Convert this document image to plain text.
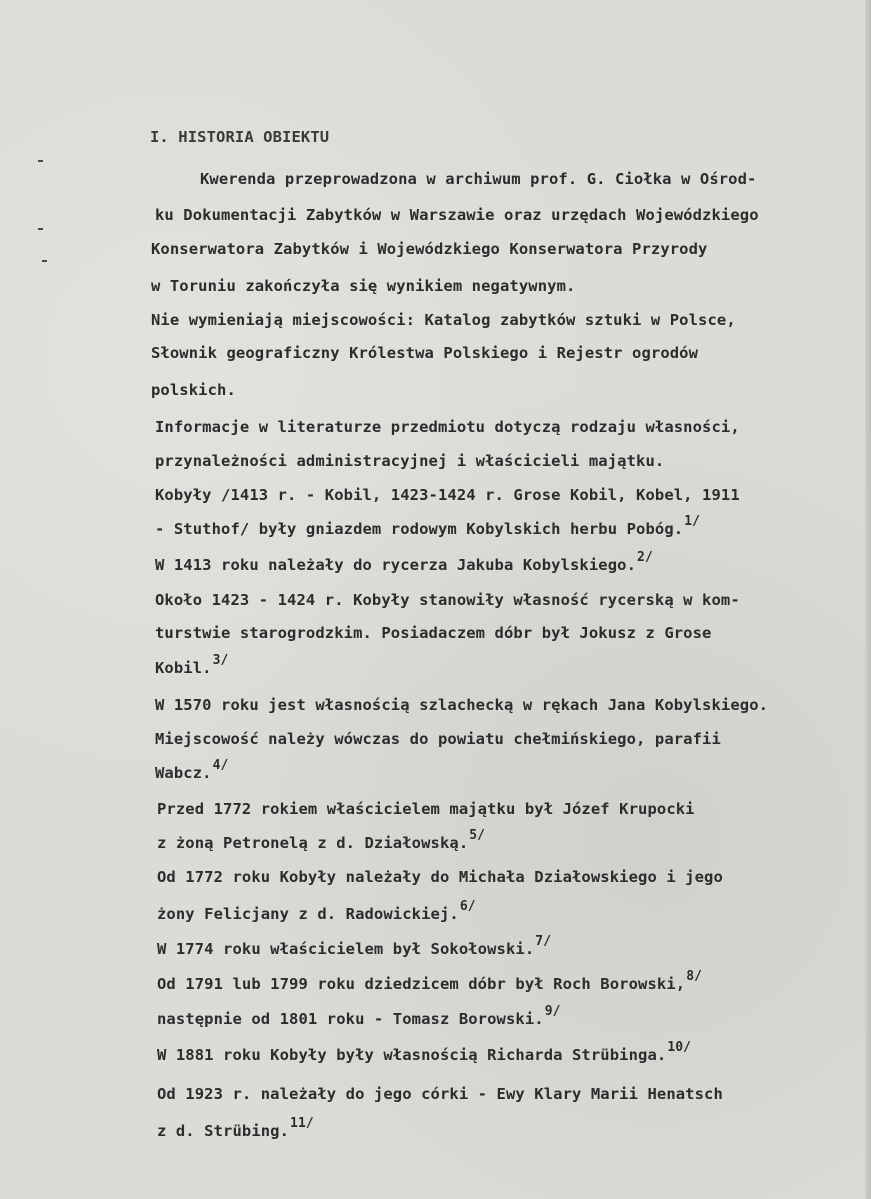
I. HISTORIA OBIEKTU
Kwerenda przeprowadzona w archiwum prof. G. Ciołka w Ośrod-
ku Dokumentacji Zabytków w Warszawie oraz urzędach Wojewódzkiego
Konserwatora Zabytków i Wojewódzkiego Konserwatora Przyrody
w Toruniu zakończyła się wynikiem negatywnym.
Nie wymieniają miejscowości: Katalog zabytków sztuki w Polsce,
Słownik geograficzny Królestwa Polskiego i Rejestr ogrodów
polskich.
Informacje w literaturze przedmiotu dotyczą rodzaju własności,
przynależności administracyjnej i właścicieli majątku.
Kobyły /1413 r. - Kobil, 1423-1424 r. Grose Kobil, Kobel, 1911
- Stuthof/ były gniazdem rodowym Kobylskich herbu Pobóg.$^{1/}$
W 1413 roku należały do rycerza Jakuba Kobylskiego.$^{2/}$
Około 1423 - 1424 r. Kobyły stanowiły własność rycerską w kom-
turstwie starogrodzkim. Posiadaczem dóbr był Jokusz z Grose
Kobil.$^{3/}$
W 1570 roku jest własnością szlachecką w rękach Jana Kobylskiego.
Miejscowość należy wówczas do powiatu chełmińskiego, parafii
Wabcz.$^{4/}$
Przed 1772 rokiem właścicielem majątku był Józef Krupocki
z żoną Petronelą z d. Działowską.$^{5/}$
Od 1772 roku Kobyły należały do Michała Działowskiego i jego
żony Felicjany z d. Radowickiej.$^{6/}$
W 1774 roku właścicielem był Sokołowski.$^{7/}$
Od 1791 lub 1799 roku dziedzicem dóbr był Roch Borowski,$^{8/}$
następnie od 1801 roku - Tomasz Borowski.$^{9/}$
W 1881 roku Kobyły były własnością Richarda Strübinga.$^{10/}$
Od 1923 r. należały do jego córki - Ewy Klary Marii Henatsch
z d. Strübing.$^{11/}$
